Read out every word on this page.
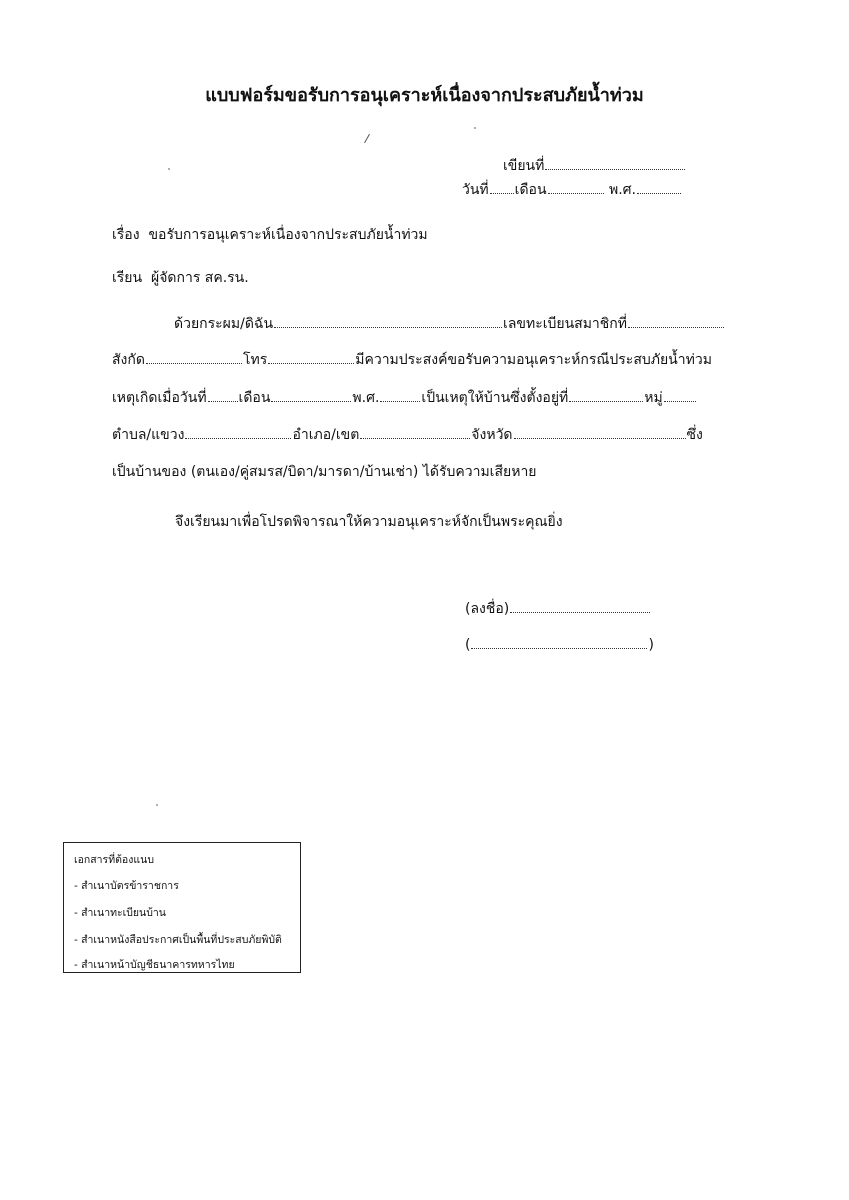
แบบฟอร์มขอรับการอนุเคราะห์เนื่องจากประสบภัยน้ำท่วม
เขียนที่
วันที่ เดือน	พ.ศ.
เรื่อง ขอรับการอนุเคราะห์เนื่องจากประสบภัยน้ำท่วม
เรียน ผู้จัดการ สค.รน.
ด้วยกระผม/ดิฉัน	เลขทะเบียนสมาชิกที่
สังกัด	โทร	มีความประสงค์ขอรับความอนุเคราะห์กรณีประสบภัยน้ำท่วม
เหตุเกิดเมื่อวันที่ เดือน	พ.ศ.	เป็นเหตุให้บ้านซึ่งตั้งอยู่ที่	หมู่
ตำบล/แขวง	อำเภอ/เขต	จังหวัด	ซึ่ง
เป็นบ้านของ (ตนเอง/คู่สมรส/บิดา/มารดา/บ้านเช่า) ได้รับความเสียหาย
จึงเรียนมาเพื่อโปรดพิจารณาให้ความอนุเคราะห์จักเป็นพระคุณยิ่ง
(ลงชื่อ)
(	)
เอกสารที่ต้องแนบ
- สำเนาบัตรข้าราชการ
- สำเนาทะเบียนบ้าน
- สำเนาหนังสือประกาศเป็นพื้นที่ประสบภัยพิบัติ
- สำเนาหน้าบัญชีธนาคารทหารไทย
